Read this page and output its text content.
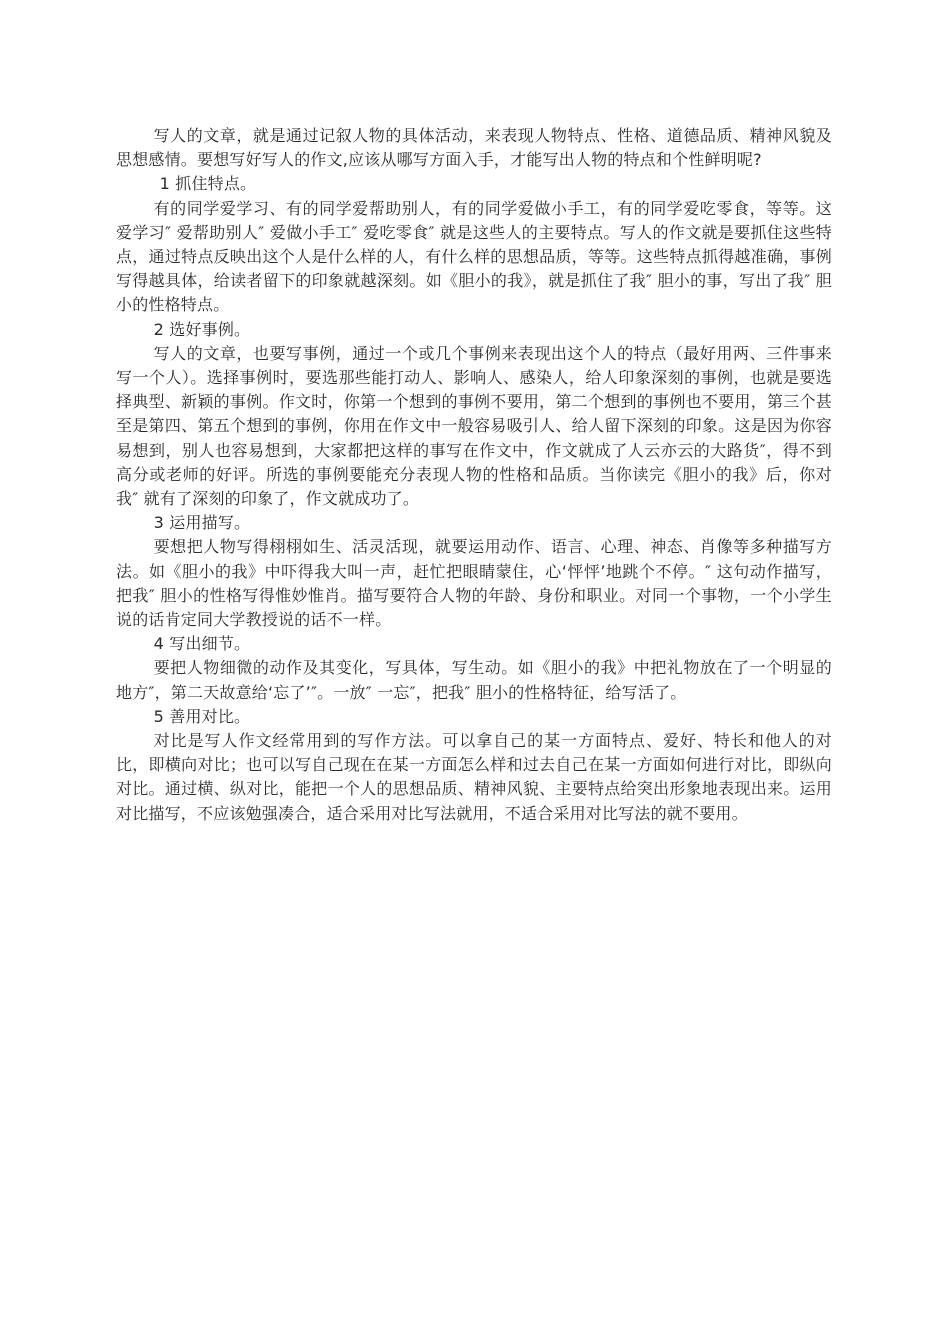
写人的文章，就是通过记叙人物的具体活动，来表现人物特点、性格、道德品质、精神风貌及思想感情。要想写好写人的作文,应该从哪写方面入手，才能写出人物的特点和个性鲜明呢?

1 抓住特点。

有的同学爱学习、有的同学爱帮助别人，有的同学爱做小手工，有的同学爱吃零食，等等。这爱学习″ 爱帮助别人″ 爱做小手工″ 爱吃零食″ 就是这些人的主要特点。写人的作文就是要抓住这些特点，通过特点反映出这个人是什么样的人，有什么样的思想品质，等等。这些特点抓得越准确，事例写得越具体，给读者留下的印象就越深刻。如《胆小的我》，就是抓住了我″ 胆小的事，写出了我″ 胆小的性格特点。

2 选好事例。

写人的文章，也要写事例，通过一个或几个事例来表现出这个人的特点（最好用两、三件事来写一个人）。选择事例时，要选那些能打动人、影响人、感染人，给人印象深刻的事例，也就是要选择典型、新颖的事例。作文时，你第一个想到的事例不要用，第二个想到的事例也不要用，第三个甚至是第四、第五个想到的事例，你用在作文中一般容易吸引人、给人留下深刻的印象。这是因为你容易想到，别人也容易想到，大家都把这样的事写在作文中，作文就成了人云亦云的大路货″，得不到高分或老师的好评。所选的事例要能充分表现人物的性格和品质。当你读完《胆小的我》后，你对我″ 就有了深刻的印象了，作文就成功了。

3 运用描写。

要想把人物写得栩栩如生、活灵活现，就要运用动作、语言、心理、神态、肖像等多种描写方法。如《胆小的我》中吓得我大叫一声，赶忙把眼睛蒙住，心‘怦怦’地跳个不停。″ 这句动作描写，把我″ 胆小的性格写得惟妙惟肖。描写要符合人物的年龄、身份和职业。对同一个事物，一个小学生说的话肯定同大学教授说的话不一样。

4 写出细节。

要把人物细微的动作及其变化，写具体，写生动。如《胆小的我》中把礼物放在了一个明显的地方″，第二天故意给‘忘了’″。一放″ 一忘″，把我″ 胆小的性格特征，给写活了。

5 善用对比。

对比是写人作文经常用到的写作方法。可以拿自己的某一方面特点、爱好、特长和他人的对比，即横向对比；也可以写自己现在在某一方面怎么样和过去自己在某一方面如何进行对比，即纵向对比。通过横、纵对比，能把一个人的思想品质、精神风貌、主要特点给突出形象地表现出来。运用对比描写，不应该勉强凑合，适合采用对比写法就用，不适合采用对比写法的就不要用。
